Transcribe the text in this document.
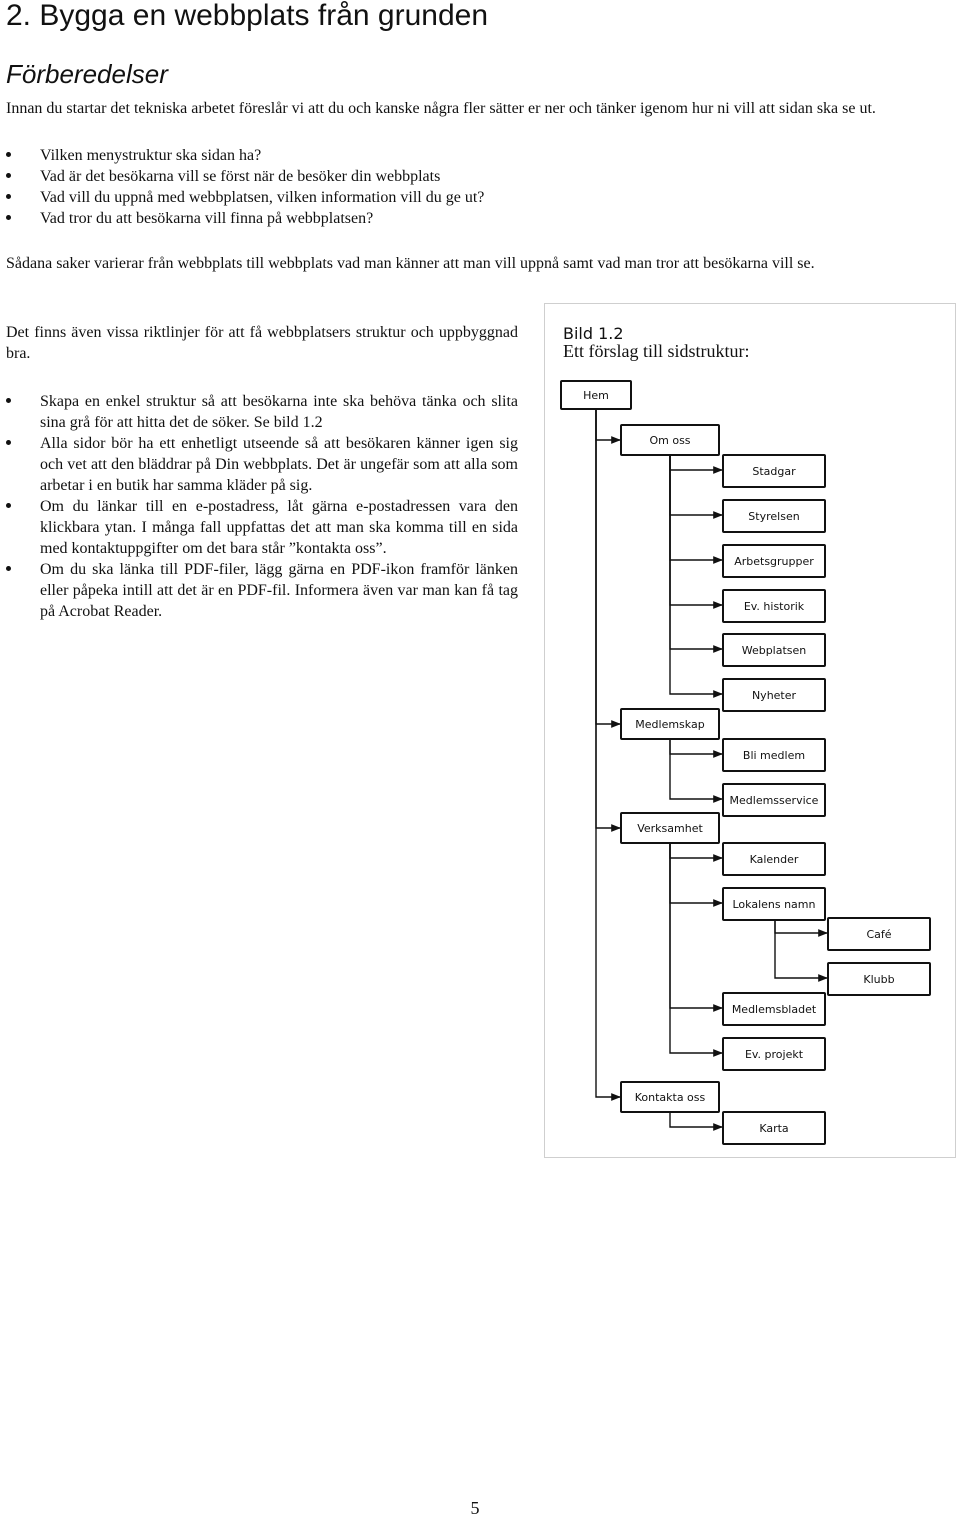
2. Bygga en webbplats från grunden
Förberedelser

Innan du startar det tekniska arbetet föreslår vi att du och kanske några fler sätter er ner och tänker igenom hur ni vill att sidan ska se ut.

Vilken menystruktur ska sidan ha?
Vad är det besökarna vill se först när de besöker din webbplats
Vad vill du uppnå med webbplatsen, vilken information vill du ge ut?
Vad tror du att besökarna vill finna på webbplatsen?

Sådana saker varierar från webbplats till webbplats vad man känner att man vill uppnå samt vad man tror att besökarna vill se.

Det finns även vissa riktlinjer för att få webbplatsers struktur och uppbyggnad bra.

Skapa en enkel struktur så att besökarna inte ska behöva tänka och slita sina grå för att hitta det de söker. Se bild 1.2
Alla sidor bör ha ett enhetligt utseende så att besökaren känner igen sig och vet att den bläddrar på Din webbplats. Det är ungefär som att alla som arbetar i en butik har samma kläder på sig.
Om du länkar till en e-postadress, låt gärna e-postadressen vara den klickbara ytan. I många fall uppfattas det att man ska komma till en sida med kontaktuppgifter om det bara står ”kontakta oss”.
Om du ska länka till PDF-filer, lägg gärna en PDF-ikon framför länken eller påpeka intill att det är en PDF-fil. Informera även var man kan få tag på Acrobat Reader.
Bild 1.2
Ett förslag till sidstruktur:
Hem
Om oss
Stadgar
Styrelsen
Arbetsgrupper
Ev. historik
Webplatsen
Nyheter
Medlemskap
Bli medlem
Medlemsservice
Verksamhet
Kalender
Lokalens namn
Café
Klubb
Medlemsbladet
Ev. projekt
Kontakta oss
Karta
5
